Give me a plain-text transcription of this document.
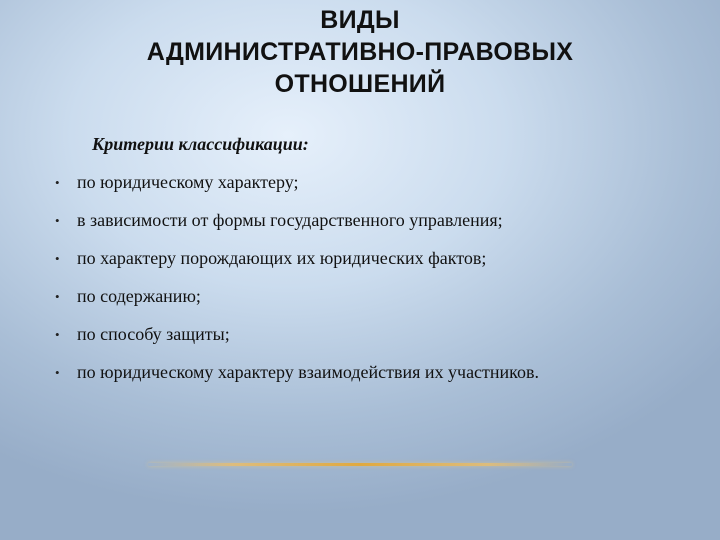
ВИДЫ
АДМИНИСТРАТИВНО-ПРАВОВЫХ
ОТНОШЕНИЙ
Критерии классификации:
• по юридическому характеру;
• в зависимости от формы государственного управления;
• по характеру порождающих их юридических фактов;
• по содержанию;
• по способу защиты;
• по юридическому характеру взаимодействия их участников.
